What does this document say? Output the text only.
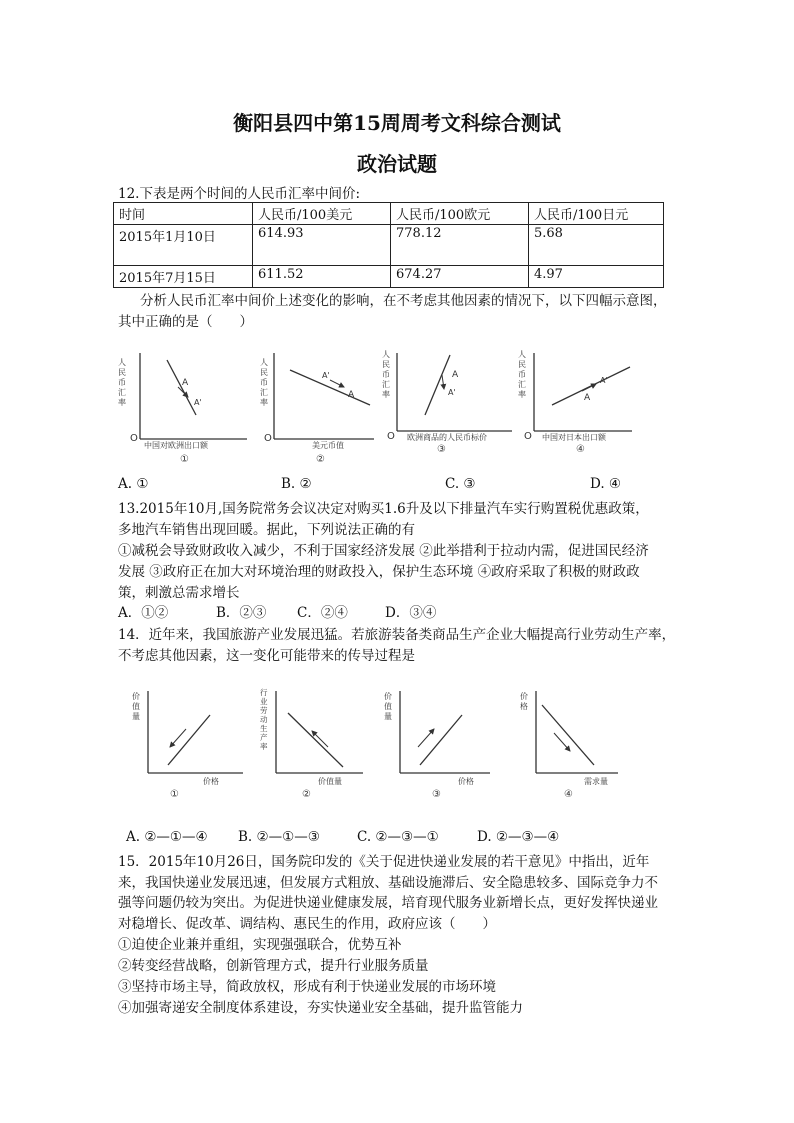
衡阳县四中第15周周考文科综合测试
政治试题
12.下表是两个时间的人民币汇率中间价:
时间	人民币/100美元	人民币/100欧元	人民币/100日元
2015年1月10日	614.93	778.12	5.68
2015年7月15日	611.52	674.27	4.97
分析人民币汇率中间价上述变化的影响，在不考虑其他因素的情况下，以下四幅示意图，
其中正确的是（　　）
人
民
币
汇
率
O
A
A'
中国对欧洲出口额
①
人
民
币
汇
率
O
A'
A
美元币值
②
人
民
币
汇
率
O
A
A'
欧洲商品的人民币标价
③
人
民
币
汇
率
O
A
A'
中国对日本出口额
④
A. ①	B. ②	C. ③	D. ④
13.2015年10月,国务院常务会议决定对购买1.6升及以下排量汽车实行购置税优惠政策，
多地汽车销售出现回暖。据此，下列说法正确的有
①减税会导致财政收入减少，不利于国家经济发展 ②此举措利于拉动内需，促进国民经济
发展 ③政府正在加大对环境治理的财政投入，保护生态环境 ④政府采取了积极的财政政
策，刺激总需求增长
A．①②	B．②③ C．②④	D．③④
14．近年来，我国旅游产业发展迅猛。若旅游装备类商品生产企业大幅提高行业劳动生产率，
不考虑其他因素，这一变化可能带来的传导过程是
价
值
量
价格
①
行
业
劳
动
生
产
率
价值量
②
价
值
量
价格
③
价
格
需求量
④
A. ②—①—④ B. ②—①—③	C. ②—③—①	D. ②—③—④
15．2015年10月26日，国务院印发的《关于促进快递业发展的若干意见》中指出，近年
来，我国快递业发展迅速，但发展方式粗放、基础设施滞后、安全隐患较多、国际竞争力不
强等问题仍较为突出。为促进快递业健康发展，培育现代服务业新增长点，更好发挥快递业
对稳增长、促改革、调结构、惠民生的作用，政府应该（　　）
①迫使企业兼并重组，实现强强联合，优势互补
②转变经营战略，创新管理方式，提升行业服务质量
③坚持市场主导，简政放权，形成有利于快递业发展的市场环境
④加强寄递安全制度体系建设，夯实快递业安全基础，提升监管能力
